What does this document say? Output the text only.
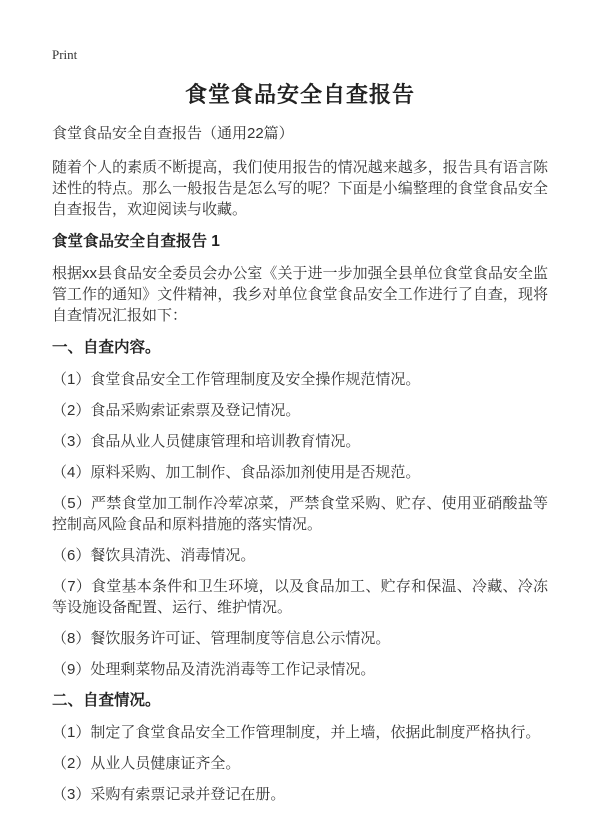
Print
食堂食品安全自查报告

食堂食品安全自查报告（通用22篇）

随着个人的素质不断提高，我们使用报告的情况越来越多，报告具有语言陈述性的特点。那么一般报告是怎么写的呢？下面是小编整理的食堂食品安全自查报告，欢迎阅读与收藏。

食堂食品安全自查报告 1

根据xx县食品安全委员会办公室《关于进一步加强全县单位食堂食品安全监管工作的通知》文件精神，我乡对单位食堂食品安全工作进行了自查，现将自查情况汇报如下：

一、自查内容。

（1）食堂食品安全工作管理制度及安全操作规范情况。

（2）食品采购索证索票及登记情况。

（3）食品从业人员健康管理和培训教育情况。

（4）原料采购、加工制作、食品添加剂使用是否规范。

（5）严禁食堂加工制作冷荤凉菜，严禁食堂采购、贮存、使用亚硝酸盐等控制高风险食品和原料措施的落实情况。

（6）餐饮具清洗、消毒情况。

（7）食堂基本条件和卫生环境，以及食品加工、贮存和保温、冷藏、冷冻等设施设备配置、运行、维护情况。

（8）餐饮服务许可证、管理制度等信息公示情况。

（9）处理剩菜物品及清洗消毒等工作记录情况。

二、自查情况。

（1）制定了食堂食品安全工作管理制度，并上墙，依据此制度严格执行。

（2）从业人员健康证齐全。

（3）采购有索票记录并登记在册。
